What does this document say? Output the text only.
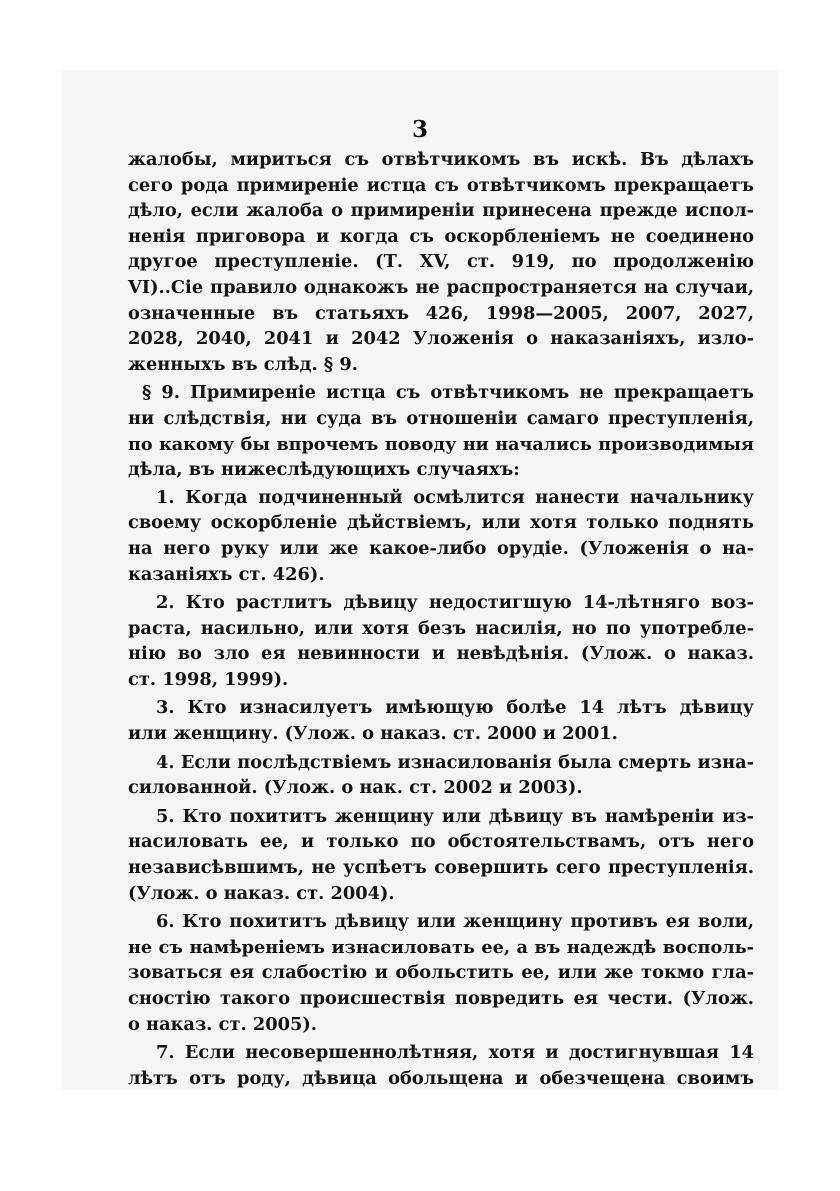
3
жалобы, мириться съ отвѣтчикомъ въ искѣ. Въ дѣлахъ
сего рода примиренiе истца съ отвѣтчикомъ прекращаетъ
дѣло, если жалоба о примиренiи принесена прежде испол-
ненiя приговора и когда съ оскорбленiемъ не соединено
другое преступленiе. (Т. XV, ст. 919, по продолженiю
VI)..Сiе правило однакожъ не распространяется на случаи,
означенные въ статьяхъ 426, 1998—2005, 2007, 2027,
2028, 2040, 2041 и 2042 Уложенiя о наказанiяхъ, изло-
женныхъ въ слѣд. § 9.
§ 9. Примиренiе истца съ отвѣтчикомъ не прекращаетъ
ни слѣдствiя, ни суда въ отношенiи самаго преступленiя,
по какому бы впрочемъ поводу ни начались производимыя
дѣла, въ нижеслѣдующихъ случаяхъ:
1. Когда подчиненный осмѣлится нанести начальнику
своему оскорбленiе дѣйствiемъ, или хотя только поднять
на него руку или же какое-либо орудiе. (Уложенiя о на-
казанiяхъ ст. 426).
2. Кто растлитъ дѣвицу недостигшую 14-лѣтняго воз-
раста, насильно, или хотя безъ насилiя, но по употребле-
нiю во зло ея невинности и невѣдѣнiя. (Улож. о наказ.
ст. 1998, 1999).
3. Кто изнасилуетъ имѣющую болѣе 14 лѣтъ дѣвицу
или женщину. (Улож. о наказ. ст. 2000 и 2001.
4. Если послѣдствiемъ изнасилованiя была смерть изна-
силованной. (Улож. о нак. ст. 2002 и 2003).
5. Кто похититъ женщину или дѣвицу въ намѣренiи из-
насиловать ее, и только по обстоятельствамъ, отъ него
независѣвшимъ, не успѣетъ совершить сего преступленiя.
(Улож. о наказ. ст. 2004).
6. Кто похититъ дѣвицу или женщину противъ ея воли,
не съ намѣренiемъ изнасиловать ее, а въ надеждѣ восполь-
зоваться ея слабостiю и обольстить ее, или же токмо гла-
сностiю такого происшествiя повредить ея чести. (Улож.
о наказ. ст. 2005).
7. Если несовершеннолѣтняя, хотя и достигнувшая 14
лѣтъ отъ роду, дѣвица обольщена и обезчещена своимъ
